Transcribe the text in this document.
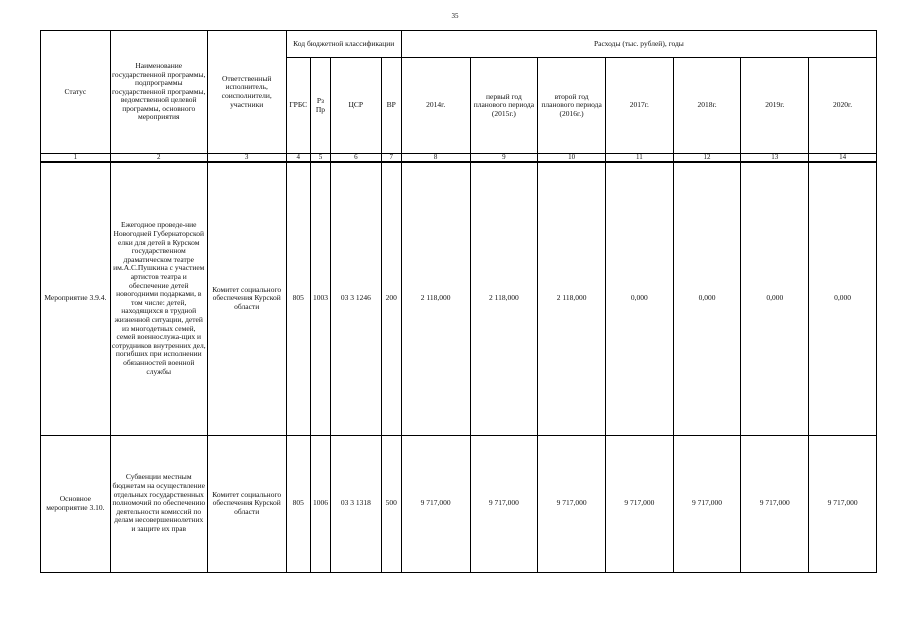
35
Статус	Наименование государственной программы, подпрограммы государственной программы, ведомственной целевой программы, основного мероприятия	Ответственный исполнитель, соисполнители, участники	Код бюджетной классификации				Расходы (тыс. рублей), годы						
			ГРБС	Рз Пр	ЦСР	ВР	2014г.	первый год планового периода (2015г.)	второй год планового периода (2016г.)	2017г.	2018г.	2019г.	2020г.
1	2	3	4	5	6	7	8	9	10	11	12	13	14
Мероприятие 3.9.4.	Ежегодное проведе-ние Новогодней Губернаторской елки для детей в Курском государственном драматическом театре им.А.С.Пушкина с участием артистов театра и обеспечение детей новогодними подарками, в том числе: детей, находящихся в трудной жизненной ситуации, детей из многодетных семей, семей военнослужа-щих и сотрудников внутренних дел, погибших при исполнении обязанностей военной службы	Комитет социального обеспечения Курской области	805	1003	03 3 1246	200	2 118,000	2 118,000	2 118,000	0,000	0,000	0,000	0,000
Основное мероприятие 3.10.	Субвенции местным бюджетам на осуществление отдельных государственных полномочий по обеспечению деятельности комиссий по делам несовершеннолетних и защите их прав	Комитет социального обеспечения Курской области	805	1006	03 3 1318	500	9 717,000	9 717,000	9 717,000	9 717,000	9 717,000	9 717,000	9 717,000
